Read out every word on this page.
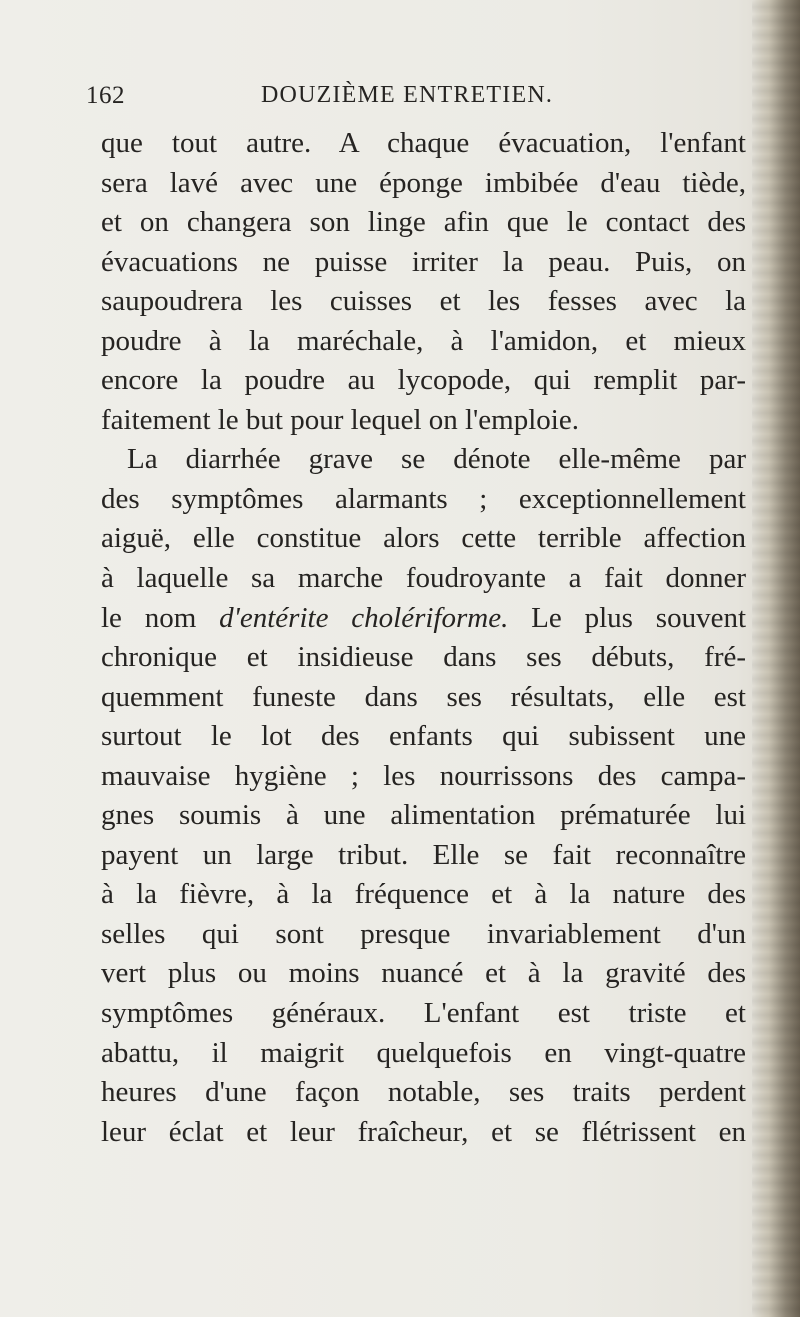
162	DOUZIÈME ENTRETIEN.
que tout autre. A chaque évacuation, l'enfant
sera lavé avec une éponge imbibée d'eau tiède,
et on changera son linge afin que le contact des
évacuations ne puisse irriter la peau. Puis, on
saupoudrera les cuisses et les fesses avec la
poudre à la maréchale, à l'amidon, et mieux
encore la poudre au lycopode, qui remplit par-
faitement le but pour lequel on l'emploie.
La diarrhée grave se dénote elle-même par
des symptômes alarmants ; exceptionnellement
aiguë, elle constitue alors cette terrible affection
à laquelle sa marche foudroyante a fait donner
le nom d'entérite cholériforme. Le plus souvent
chronique et insidieuse dans ses débuts, fré-
quemment funeste dans ses résultats, elle est
surtout le lot des enfants qui subissent une
mauvaise hygiène ; les nourrissons des campa-
gnes soumis à une alimentation prématurée lui
payent un large tribut. Elle se fait reconnaître
à la fièvre, à la fréquence et à la nature des
selles qui sont presque invariablement d'un
vert plus ou moins nuancé et à la gravité des
symptômes généraux. L'enfant est triste et
abattu, il maigrit quelquefois en vingt-quatre
heures d'une façon notable, ses traits perdent
leur éclat et leur fraîcheur, et se flétrissent en
